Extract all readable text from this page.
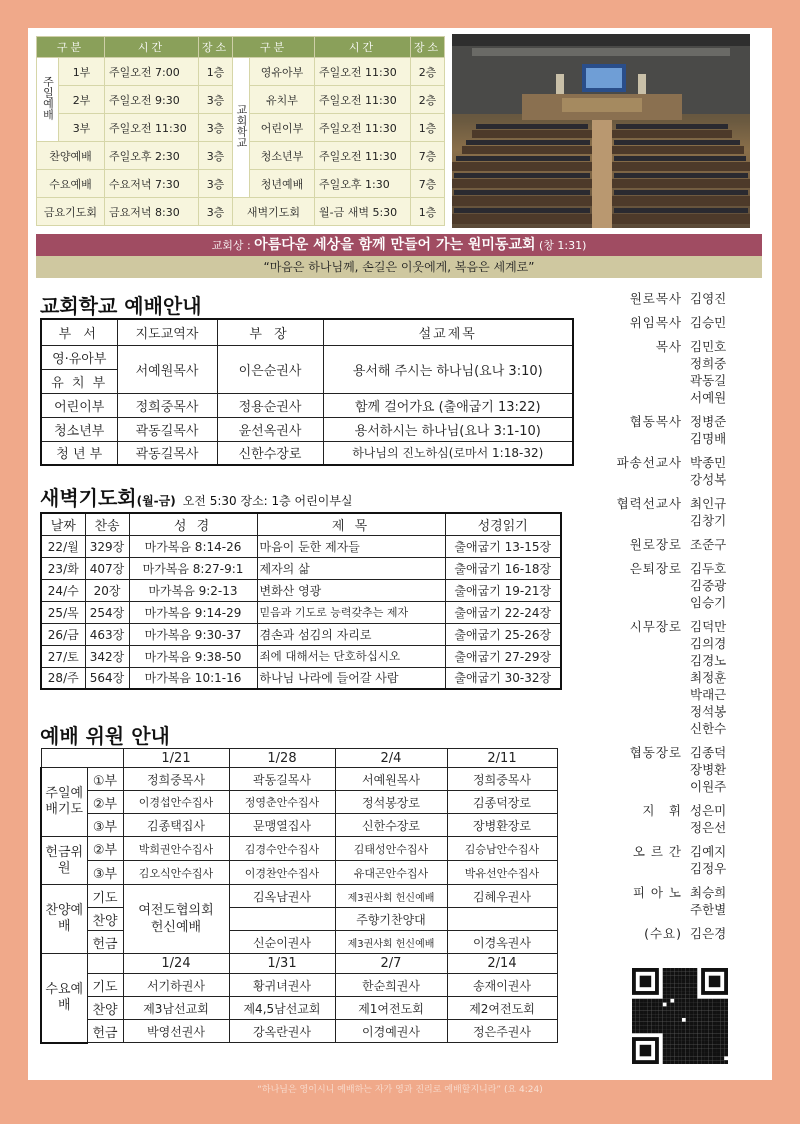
구분		시간	장소	구분		시간	장소
주일예배	1부	주일오전 7:00	1층	교회학교	영유아부	주일오전 11:30	2층
	2부	주일오전 9:30	3층		유치부	주일오전 11:30	2층
	3부	주일오전 11:30	3층		어린이부	주일오전 11:30	1층
찬양예배		주일오후 2:30	3층		청소년부	주일오전 11:30	7층
수요예배		수요저녁 7:30	3층		청년예배	주일오후 1:30	7층
금요기도회		금요저녁 8:30	3층	새벽기도회		월-금 새벽 5:30	1층
교회상 : 아름다운 세상을 함께 만들어 가는 원미동교회 (창 1:31)
“마음은 하나님께, 손길은 이웃에게, 복음은 세계로”
교회학교 예배안내
부 서	지도교역자	부 장	설교제목
영·유아부	서예원목사	이은순권사	용서해 주시는 하나님(요나 3:10)
유 치 부			
어린이부	정희중목사	정용순권사	함께 걸어가요 (출애굽기 13:22)
청소년부	곽동길목사	윤선옥권사	용서하시는 하나님(요나 3:1-10)
청 년 부	곽동길목사	신한수장로	하나님의 진노하심(로마서 1:18-32)
새벽기도회(월-금) 오전 5:30 장소: 1층 어린이부실
날짜	찬송	성 경	제 목	성경읽기
22/월	329장	마가복음 8:14-26	마음이 둔한 제자들	출애굽기 13-15장
23/화	407장	마가복음 8:27-9:1	제자의 삶	출애굽기 16-18장
24/수	20장	마가복음 9:2-13	변화산 영광	출애굽기 19-21장
25/목	254장	마가복음 9:14-29	믿음과 기도로 능력갖추는 제자	출애굽기 22-24장
26/금	463장	마가복음 9:30-37	겸손과 섬김의 자리로	출애굽기 25-26장
27/토	342장	마가복음 9:38-50	죄에 대해서는 단호하십시오	출애굽기 27-29장
28/주	564장	마가복음 10:1-16	하나님 나라에 들어갈 사람	출애굽기 30-32장
예배 위원 안내
		1/21	1/28	2/4	2/11
주일예배기도	①부	정희중목사	곽동길목사	서예원목사	정희중목사
	②부	이경섭안수집사	정영춘안수집사	정석봉장로	김종덕장로
	③부	김종택집사	문맹열집사	신한수장로	장병환장로
헌금위원	②부	박희권안수집사	김경수안수집사	김태성안수집사	김승남안수집사
	③부	김오식안수집사	이경찬안수집사	유대곤안수집사	박유선안수집사
찬양예배	기도	여전도협의회 헌신예배	김옥남권사	제3권사회 헌신예배	김혜우권사
	찬양			주향기찬양대	
	헌금		신순이권사	제3권사회 헌신예배	이경옥권사
수요예배		1/24	1/31	2/7	2/14
	기도	서기하권사	황귀녀권사	한순희권사	송재이권사
	찬양	제3남선교회	제4,5남선교회	제1여전도회	제2여전도회
	헌금	박영선권사	강옥란권사	이경예권사	정은주권사
원로목사 김영진
위임목사 김승민
목사 김민호
정희중
곽동길
서예원
협동목사 정병준
김명배
파송선교사 박종민
강성복
협력선교사 최인규
김창기
원로장로 조준구
은퇴장로 김두호
김중광
임승기
시무장로 김덕만
김의경
김경노
최정훈
박래근
정석봉
신한수
협동장로 김종덕
장병환
이원주
지　휘 성은미
정은선
오 르 간 김예지
김정우
피 아 노 최승희
주한별
(수요) 김은경
“하나님은 영이시니 예배하는 자가 영과 진리로 예배할지니라” (요 4:24)
